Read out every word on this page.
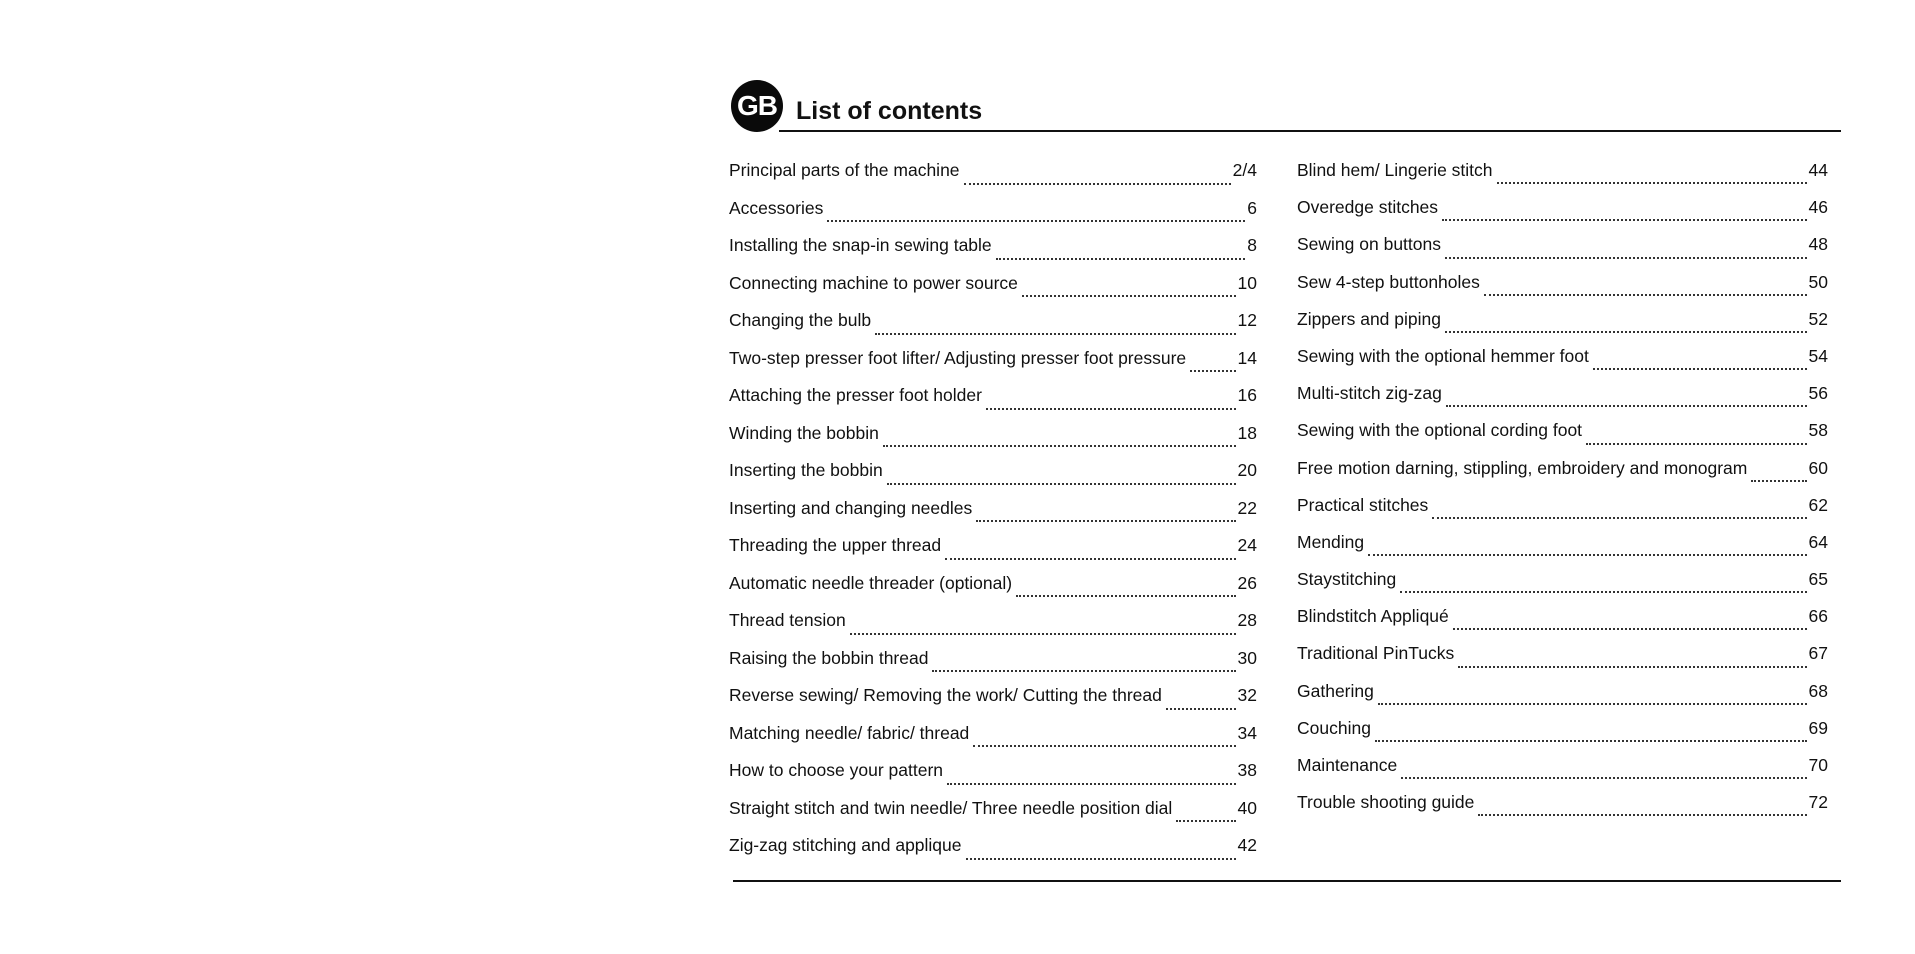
GB List of contents
Principal parts of the machine	2/4
Accessories	6
Installing the snap-in sewing table	8
Connecting machine to power source	10
Changing the bulb	12
Two-step presser foot lifter/ Adjusting presser foot pressure	14
Attaching the presser foot holder	16
Winding the bobbin	18
Inserting the bobbin	20
Inserting and changing needles	22
Threading the upper thread	24
Automatic needle threader (optional)	26
Thread tension	28
Raising the bobbin thread	30
Reverse sewing/ Removing the work/ Cutting the thread	32
Matching needle/ fabric/ thread	34
How to choose your pattern	38
Straight stitch and twin needle/ Three needle position dial	40
Zig-zag stitching and applique	42
Blind hem/ Lingerie stitch	44
Overedge stitches	46
Sewing on buttons	48
Sew 4-step buttonholes	50
Zippers and piping	52
Sewing with the optional hemmer foot	54
Multi-stitch zig-zag	56
Sewing with the optional cording foot	58
Free motion darning, stippling, embroidery and monogram	60
Practical stitches	62
Mending	64
Staystitching	65
Blindstitch Appliqué	66
Traditional PinTucks	67
Gathering	68
Couching	69
Maintenance	70
Trouble shooting guide	72
